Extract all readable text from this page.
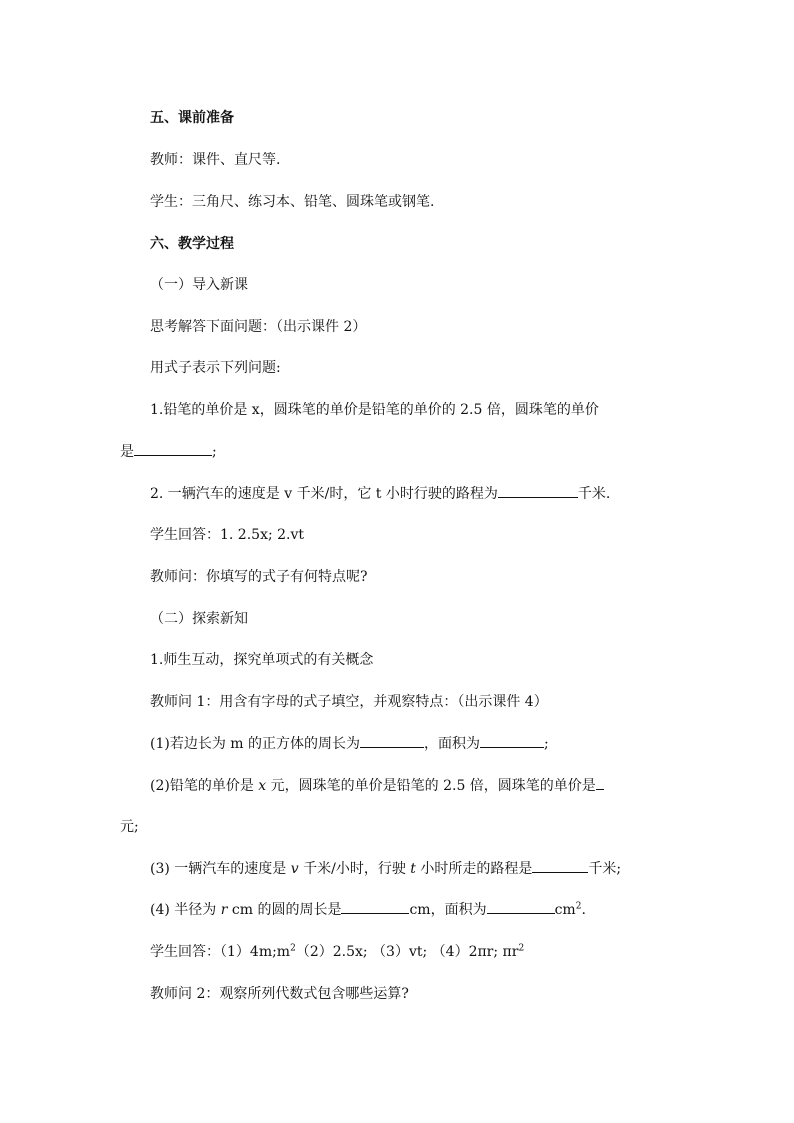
五、课前准备
教师：课件、直尺等.
学生：三角尺、练习本、铅笔、圆珠笔或钢笔.
六、教学过程
（一）导入新课
思考解答下面问题：（出示课件 2）
用式子表示下列问题:
1.铅笔的单价是 x，圆珠笔的单价是铅笔的单价的 2.5 倍，圆珠笔的单价
是	;
2. 一辆汽车的速度是 v 千米/时，它 t 小时行驶的路程为	千米.
学生回答：1. 2.5x; 2.vt
教师问：你填写的式子有何特点呢?
（二）探索新知
1.师生互动，探究单项式的有关概念
教师问 1：用含有字母的式子填空，并观察特点：（出示课件 4）
(1)若边长为 m 的正方体的周长为	，面积为	;
(2)铅笔的单价是 x 元，圆珠笔的单价是铅笔的 2.5 倍，圆珠笔的单价是
元;
(3) 一辆汽车的速度是 v 千米/小时，行驶 t 小时所走的路程是	千米;
(4) 半径为 r cm 的圆的周长是	cm，面积为	$cm^2$.
学生回答：$(1)4m;m^2(2)2.5x$; （3）vt; （4）2πr; $\pi r^2$
教师问 2：观察所列代数式包含哪些运算?
